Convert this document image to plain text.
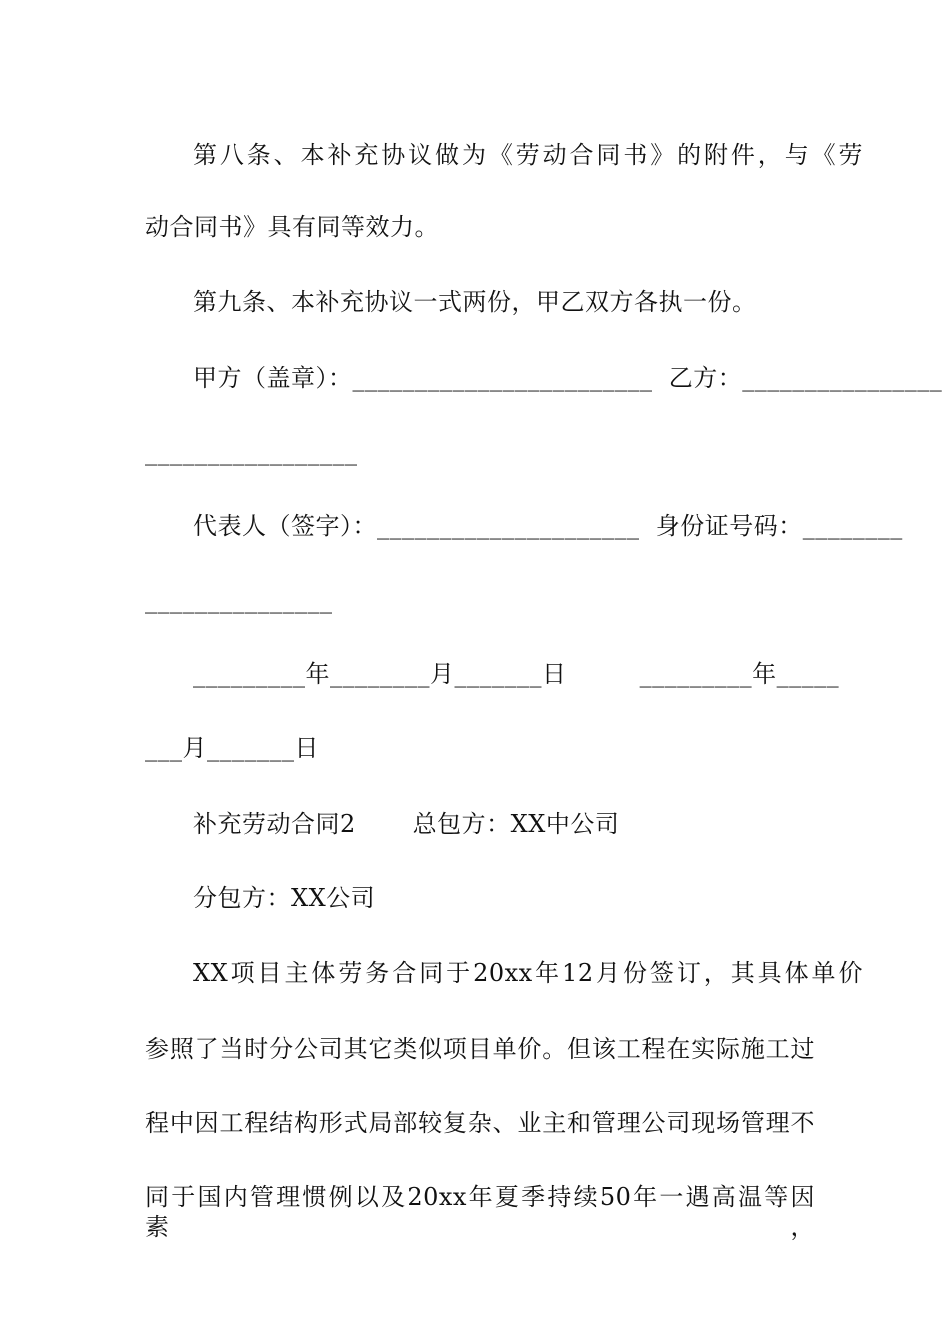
第八条、本补充协议做为《劳动合同书》的附件，与《劳
动合同书》具有同等效力。
第九条、本补充协议一式两份，甲乙双方各执一份。
甲方（盖章）：________________________  乙方：________________
_________________
代表人（签字）：_____________________  身份证号码：________
_______________
_________年________月_______日         _________年_____
___月_______日
补充劳动合同2       总包方：XX中公司
分包方：XX公司
XX项目主体劳务合同于20xx年12月份签订，其具体单价
参照了当时分公司其它类似项目单价。但该工程在实际施工过
程中因工程结构形式局部较复杂、业主和管理公司现场管理不
同于国内管理惯例以及20xx年夏季持续50年一遇高温等因素，
